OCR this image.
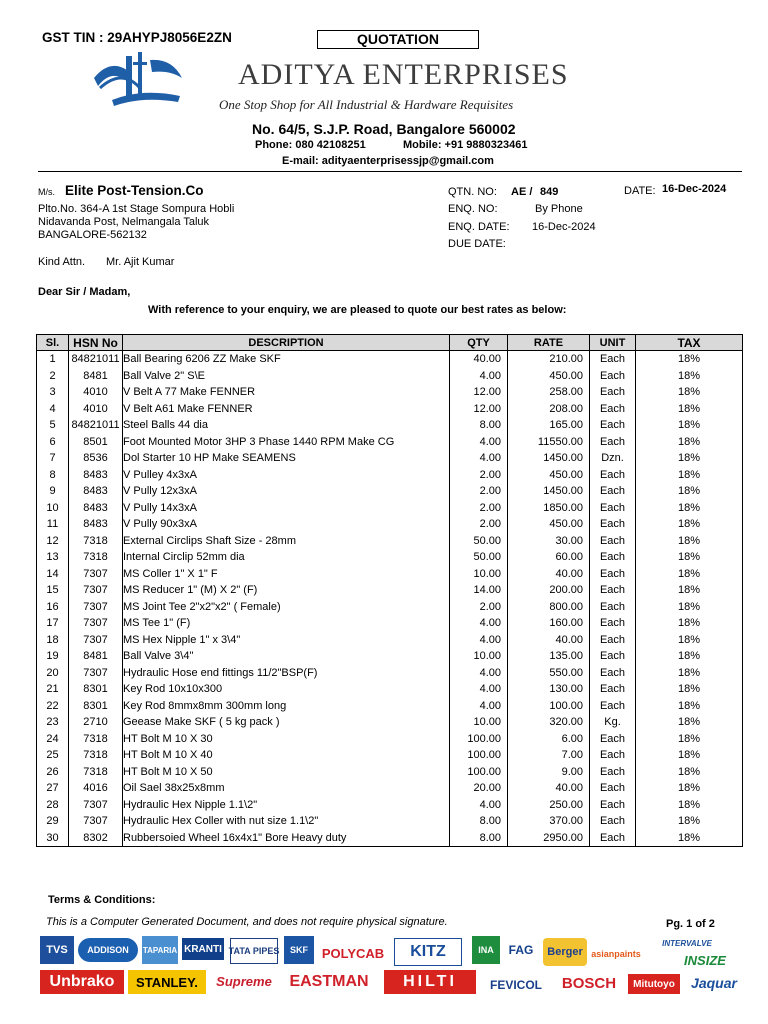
GST TIN : 29AHYPJ8056E2ZN	QUOTATION
ADITYA ENTERPRISES
One Stop Shop for All Industrial & Hardware Requisites
No. 64/5, S.J.P. Road, Bangalore 560002
Phone: 080 42108251	Mobile: +91 9880323461
E-mail: adityaenterprisessjp@gmail.com
M/s. Elite Post-Tension.Co
Plto.No. 364-A 1st Stage Sompura Hobli
Nidavanda Post, Nelmangala Taluk
BANGALORE-562132
Kind Attn. Mr. Ajit Kumar
QTN. NO: AE / 849	DATE: 16-Dec-2024
ENQ. NO:	By Phone
ENQ. DATE: 16-Dec-2024
DUE DATE:
Dear Sir / Madam,
With reference to your enquiry, we are pleased to quote our best rates as below:
Sl.	HSN No	DESCRIPTION	QTY	RATE	UNIT	TAX
1	84821011	Ball Bearing 6206 ZZ Make SKF	40.00	210.00	Each	18%
2	8481	Ball Valve 2" S\E	4.00	450.00	Each	18%
3	4010	V Belt A 77 Make FENNER	12.00	258.00	Each	18%
4	4010	V Belt A61 Make FENNER	12.00	208.00	Each	18%
5	84821011	Steel Balls 44 dia	8.00	165.00	Each	18%
6	8501	Foot Mounted Motor 3HP 3 Phase 1440 RPM Make CG	4.00	11550.00	Each	18%
7	8536	Dol Starter 10 HP Make SEAMENS	4.00	1450.00	Dzn.	18%
8	8483	V Pulley 4x3xA	2.00	450.00	Each	18%
9	8483	V Pully 12x3xA	2.00	1450.00	Each	18%
10	8483	V Pully 14x3xA	2.00	1850.00	Each	18%
11	8483	V Pully 90x3xA	2.00	450.00	Each	18%
12	7318	External Circlips Shaft Size - 28mm	50.00	30.00	Each	18%
13	7318	Internal Circlip 52mm dia	50.00	60.00	Each	18%
14	7307	MS Coller 1" X 1" F	10.00	40.00	Each	18%
15	7307	MS Reducer 1" (M) X 2" (F)	14.00	200.00	Each	18%
16	7307	MS Joint Tee 2"x2"x2" ( Female)	2.00	800.00	Each	18%
17	7307	MS Tee 1" (F)	4.00	160.00	Each	18%
18	7307	MS Hex Nipple 1" x 3\4"	4.00	40.00	Each	18%
19	8481	Ball Valve 3\4"	10.00	135.00	Each	18%
20	7307	Hydraulic Hose end fittings 11/2"BSP(F)	4.00	550.00	Each	18%
21	8301	Key Rod 10x10x300	4.00	130.00	Each	18%
22	8301	Key Rod 8mmx8mm 300mm long	4.00	100.00	Each	18%
23	2710	Geease Make SKF ( 5 kg pack )	10.00	320.00	Kg.	18%
24	7318	HT Bolt M 10 X 30	100.00	6.00	Each	18%
25	7318	HT Bolt M 10 X 40	100.00	7.00	Each	18%
26	7318	HT Bolt M 10 X 50	100.00	9.00	Each	18%
27	4016	Oil Sael 38x25x8mm	20.00	40.00	Each	18%
28	7307	Hydraulic Hex Nipple 1.1\2"	4.00	250.00	Each	18%
29	7307	Hydraulic Hex Coller with nut size 1.1\2"	8.00	370.00	Each	18%
30	8302	Rubbersoied Wheel 16x4x1" Bore Heavy duty	8.00	2950.00	Each	18%
Terms & Conditions:
This is a Computer Generated Document, and does not require physical signature.	Pg. 1 of 2
TVS	ADDISON	TAPARIA KRANTI TATA PIPES	SKF	POLYCAB	KITZ	INA	FAG	Berger asianpaints
INTERVALVE
INSIZE
Unbrako	STANLEY.	Supreme	EASTMAN	HILTI	FEVICOL	BOSCH	Mitutoyo	Jaquar
